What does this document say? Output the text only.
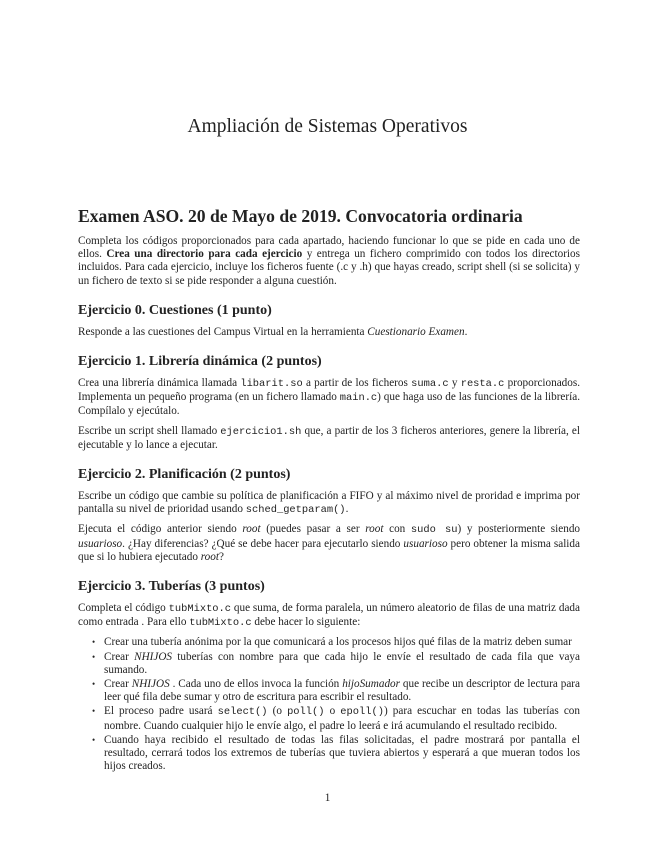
Ampliación de Sistemas Operativos
Examen ASO. 20 de Mayo de 2019. Convocatoria ordinaria

Completa los códigos proporcionados para cada apartado, haciendo funcionar lo que se pide en cada uno de ellos. Crea una directorio para cada ejercicio y entrega un fichero comprimido con todos los directorios incluidos. Para cada ejercicio, incluye los ficheros fuente (.c y .h) que hayas creado, script shell (si se solicita) y un fichero de texto si se pide responder a alguna cuestión.

Ejercicio 0. Cuestiones (1 punto)

Responde a las cuestiones del Campus Virtual en la herramienta Cuestionario Examen.

Ejercicio 1. Librería dinámica (2 puntos)

Crea una librería dinámica llamada libarit.so a partir de los ficheros suma.c y resta.c proporcionados. Implementa un pequeño programa (en un fichero llamado main.c) que haga uso de las funciones de la librería. Compílalo y ejecútalo.

Escribe un script shell llamado ejercicio1.sh que, a partir de los 3 ficheros anteriores, genere la librería, el ejecutable y lo lance a ejecutar.

Ejercicio 2. Planificación (2 puntos)

Escribe un código que cambie su política de planificación a FIFO y al máximo nivel de proridad e imprima por pantalla su nivel de prioridad usando sched_getparam().

Ejecuta el código anterior siendo root (puedes pasar a ser root con sudo su) y posteriormente siendo usuarioso. ¿Hay diferencias? ¿Qué se debe hacer para ejecutarlo siendo usuarioso pero obtener la misma salida que si lo hubiera ejecutado root?

Ejercicio 3. Tuberías (3 puntos)

Completa el código tubMixto.c que suma, de forma paralela, un número aleatorio de filas de una matriz dada como entrada . Para ello tubMixto.c debe hacer lo siguiente:

• Crear una tubería anónima por la que comunicará a los procesos hijos qué filas de la matriz deben sumar
• Crear NHIJOS tuberías con nombre para que cada hijo le envíe el resultado de cada fila que vaya sumando.
• Crear NHIJOS . Cada uno de ellos invoca la función hijoSumador que recibe un descriptor de lectura para leer qué fila debe sumar y otro de escritura para escribir el resultado.
• El proceso padre usará select() (o poll() o epoll()) para escuchar en todas las tuberías con nombre. Cuando cualquier hijo le envíe algo, el padre lo leerá e irá acumulando el resultado recibido.
• Cuando haya recibido el resultado de todas las filas solicitadas, el padre mostrará por pantalla el resultado, cerrará todos los extremos de tuberías que tuviera abiertos y esperará a que mueran todos los hijos creados.
1
